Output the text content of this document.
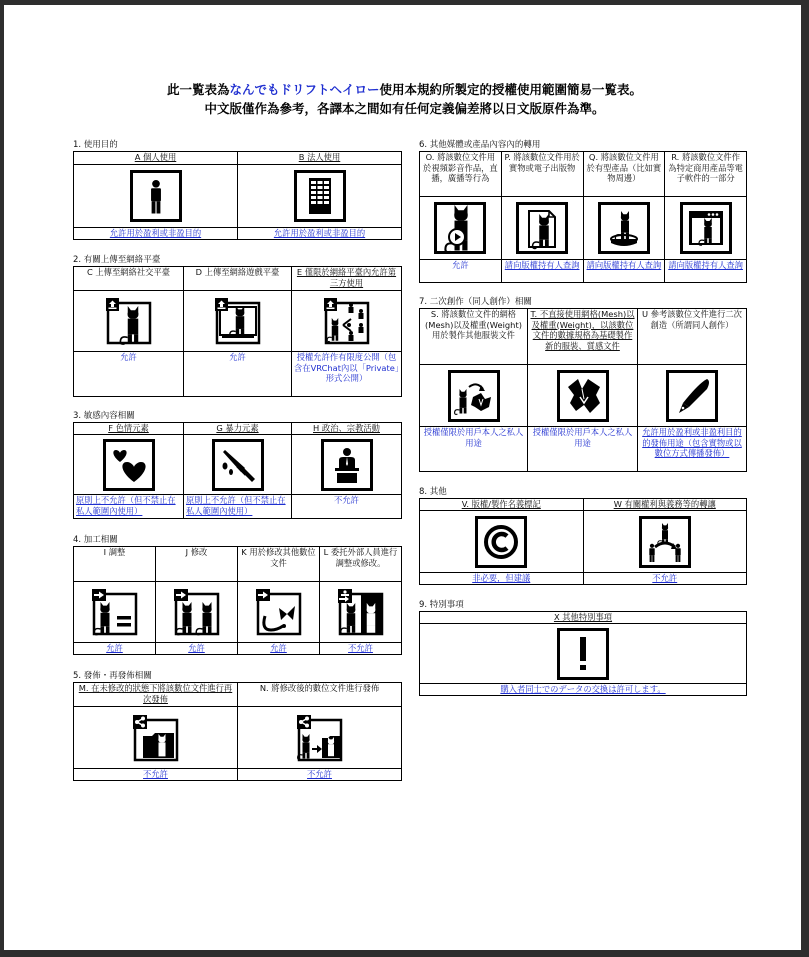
此一覧表為なんでもドリフトヘイロー使用本規約所製定的授權使用範圍簡易一覧表。
中文版僅作為參考，各譯本之間如有任何定義偏差將以日文版原件為準。
1. 使用目的
A 個人使用	B 法人使用

允許用於盈利或非盈目的	允許用於盈利或非盈目的
2. 有關上傳至網絡平臺
C 上傳至網絡社交平臺	D 上傳至網絡遊戲平臺	E 僅限於網絡平臺內允許第三方使用

允許	允許	授權允許作有限度公開（包含在VRChat內以「Private」形式公開）
3. 敏感內容相關
F 色情元素	G 暴力元素	H 政治、宗教活動

原則上不允許（但不禁止在私人範圍內使用）	原則上不允許（但不禁止在私人範圍內使用）	不允許
4. 加工相關
I 調整	J 修改	K 用於修改其他數位文件	L 委托外部人員進行調整或修改。

允許	允許	允許	不允許
5. 發佈・再發佈相關
M. 在未修改的狀態下將該數位文件進行再次發佈	N. 將修改後的數位文件進行發佈

不允許	不允許
6. 其他媒體或產品內容內的轉用
O. 將該數位文件用於視頻影音作品，直播，廣播等行為	P. 將該數位文件用於實物或電子出版物	Q. 將該數位文件用於有型產品（比如實物周邊）	R. 將該數位文件作為特定商用產品等電子軟件的一部分

允許	請向版權持有人查詢	請向版權持有人查詢	請向版權持有人查詢
7. 二次創作（同人創作）相關
S. 將該數位文件的網格(Mesh)以及權重(Weight)用於製作其他服裝文件	T. 不直接使用網格(Mesh)以及權重(Weight)，以該數位文件的數據規格為基礎製作新的服裝、質感文件	U 參考該數位文件進行二次創造（所謂同人創作）

授權僅限於用戶本人之私人用途	授權僅限於用戶本人之私人用途	允許用於盈利或非盈利目的的發佈用途（包含實物或以數位方式傳播發佈）
8. 其他
V. 版權/製作名義標記	W 有關權利與義務等的轉讓

非必要，但建議	不允許
9. 特別事項
X 其他特別事項

購入者同士でのデータの交換は許可します。
